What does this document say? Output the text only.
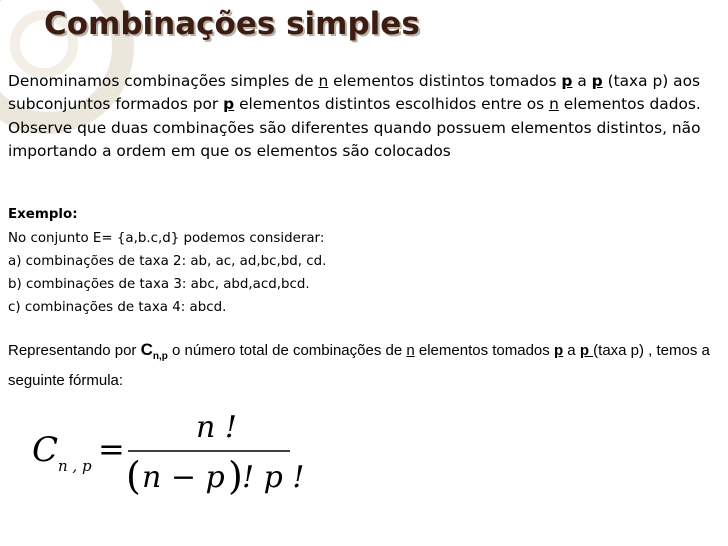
Combinações simples

Denominamos combinações simples de n elementos distintos tomados p a p (taxa p) aos subconjuntos formados por p elementos distintos escolhidos entre os n elementos dados. Observe que duas combinações são diferentes quando possuem elementos distintos, não importando a ordem em que os elementos são colocados

Exemplo:

No conjunto E= {a,b.c,d} podemos considerar:

a) combinações de taxa 2: ab, ac, ad,bc,bd, cd.

b) combinações de taxa 3: abc, abd,acd,bcd.

c) combinações de taxa 4: abcd.

Representando por $C_{n,p}$ o número total de combinações de n elementos tomados p a p (taxa p) , temos a seguinte fórmula:

C n , p =
n !
( n − p ) ! p !
